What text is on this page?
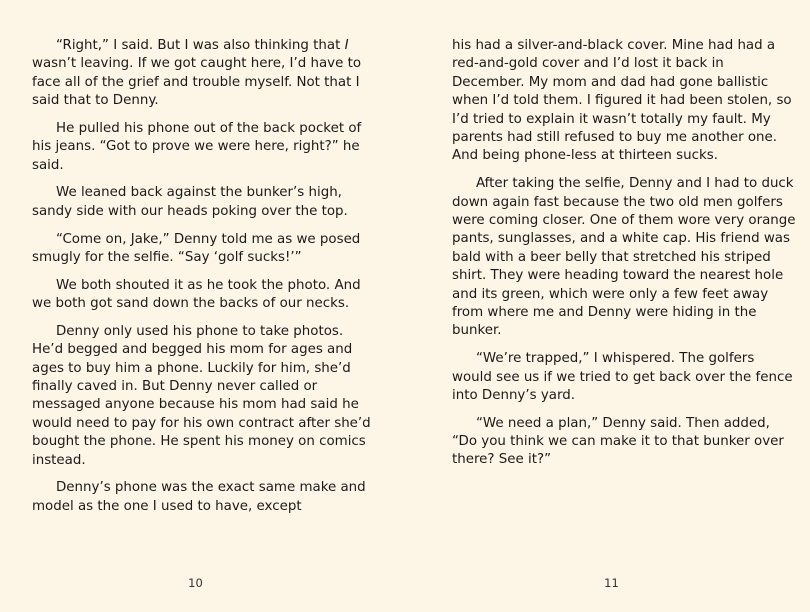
“Right,” I said. But I was also thinking that I wasn’t leaving. If we got caught here, I’d have to face all of the grief and trouble myself. Not that I said that to Denny.

He pulled his phone out of the back pocket of his jeans. “Got to prove we were here, right?” he said.

We leaned back against the bunker’s high, sandy side with our heads poking over the top.

“Come on, Jake,” Denny told me as we posed smugly for the selfie. “Say ‘golf sucks!’”

We both shouted it as he took the photo. And we both got sand down the backs of our necks.

Denny only used his phone to take photos. He’d begged and begged his mom for ages and ages to buy him a phone. Luckily for him, she’d finally caved in. But Denny never called or messaged anyone because his mom had said he would need to pay for his own contract after she’d bought the phone. He spent his money on comics instead.

Denny’s phone was the exact same make and model as the one I used to have, except

10

his had a silver-and-black cover. Mine had had a red-and-gold cover and I’d lost it back in December. My mom and dad had gone ballistic when I’d told them. I figured it had been stolen, so I’d tried to explain it wasn’t totally my fault. My parents had still refused to buy me another one. And being phone-less at thirteen sucks.

After taking the selfie, Denny and I had to duck down again fast because the two old men golfers were coming closer. One of them wore very orange pants, sunglasses, and a white cap. His friend was bald with a beer belly that stretched his striped shirt. They were heading toward the nearest hole and its green, which were only a few feet away from where me and Denny were hiding in the bunker.

“We’re trapped,” I whispered. The golfers would see us if we tried to get back over the fence into Denny’s yard.

“We need a plan,” Denny said. Then added, “Do you think we can make it to that bunker over there? See it?”

11
